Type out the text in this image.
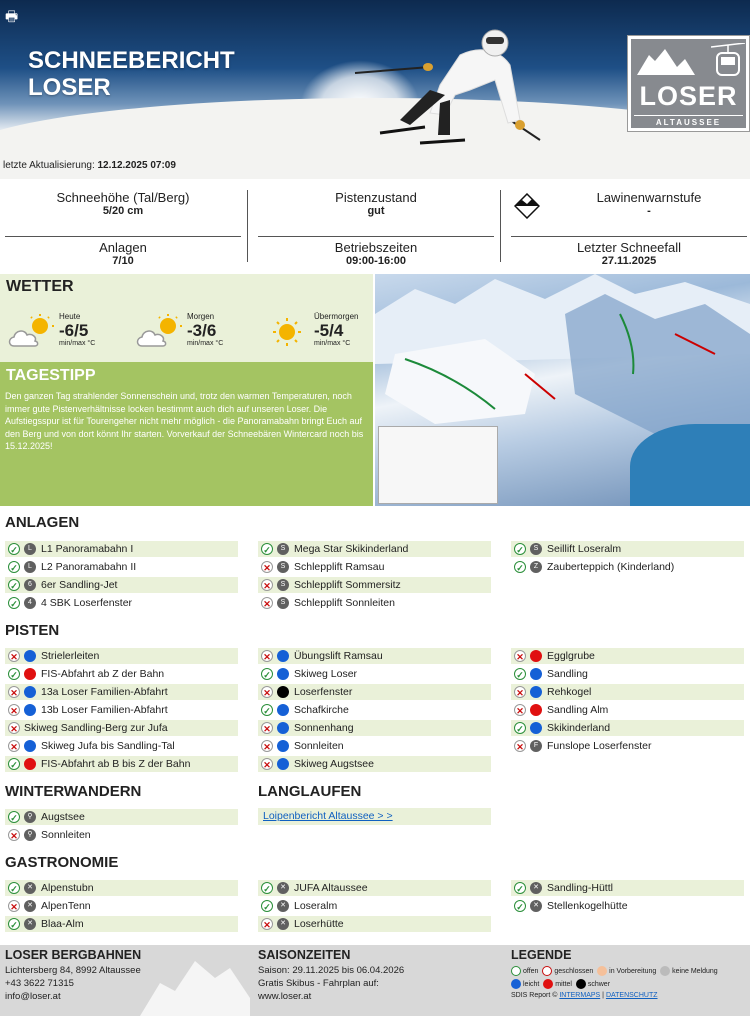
🖶
SCHNEEBERICHT
LOSER	LOSER
ALTAUSSEE
letzte Aktualisierung: 12.12.2025 07:09
Schneehöhe (Tal/Berg)
5/20 cm
Anlagen
7/10
Pistenzustand
gut
Betriebszeiten
09:00-16:00
Lawinenwarnstufe
-
Letzter Schneefall
27.11.2025
WETTER
Heute
-6/5
min/max °C
Morgen
-3/6
min/max °C
Übermorgen
-5/4
min/max °C
TAGESTIPP

Den ganzen Tag strahlender Sonnenschein und, trotz den warmen Temperaturen, noch immer gute Pistenverhältnisse locken bestimmt auch dich auf unseren Loser. Die Aufstiegsspur ist für Tourengeher nicht mehr möglich - die Panoramabahn bringt Euch auf den Berg und von dort könnt Ihr starten. Vorverkauf der Schneebären Wintercard noch bis 15.12.2025!

ANLAGEN
✓	L L1 Panoramabahn I
✓	L L2 Panoramabahn II
✓	6 6er Sandling-Jet
✓	4 4 SBK Loserfenster
✓	S Mega Star Skikinderland
✕	S Schlepplift Ramsau
✕	S Schlepplift Sommersitz
✕	S Schlepplift Sonnleiten
✓	S Seillift Loseralm
✓	Z Zauberteppich (Kinderland)
PISTEN
✕ Strielerleiten
✓ FIS-Abfahrt ab Z der Bahn
✕ 13a Loser Familien-Abfahrt
✕ 13b Loser Familien-Abfahrt
✕ Skiweg Sandling-Berg zur Jufa
✕ Skiweg Jufa bis Sandling-Tal
✓ FIS-Abfahrt ab B bis Z der Bahn
✕ Übungslift Ramsau
✓ Skiweg Loser
✕ Loserfenster
✓ Schafkirche
✕ Sonnenhang
✕ Sonnleiten
✕ Skiweg Augstsee
✕ Egglgrube
✓ Sandling
✕ Rehkogel
✕ Sandling Alm
✓ Skikinderland
✕	F Funslope Loserfenster
WINTERWANDERN
✓	⚲ Augstsee
✕	⚲ Sonnleiten
LANGLAUFEN
Loipenbericht Altaussee > >
GASTRONOMIE
✓	✕ Alpenstubn
✕	✕ AlpenTenn
✓	✕ Blaa-Alm
✓	✕ JUFA Altaussee
✓	✕ Loseralm
✕	✕ Loserhütte
✓	✕ Sandling-Hüttl
✓	✕ Stellenkogelhütte
LOSER BERGBAHNEN
Lichtersberg 84, 8992 Altaussee
+43 3622 71315
info@loser.at
SAISONZEITEN
Saison: 29.11.2025 bis 06.04.2026
Gratis Skibus - Fahrplan auf:
www.loser.at
LEGENDE
offen geschlossen in Vorbereitung keine Meldung
leicht mittel schwer
SDIS Report © INTERMAPS | DATENSCHUTZ
